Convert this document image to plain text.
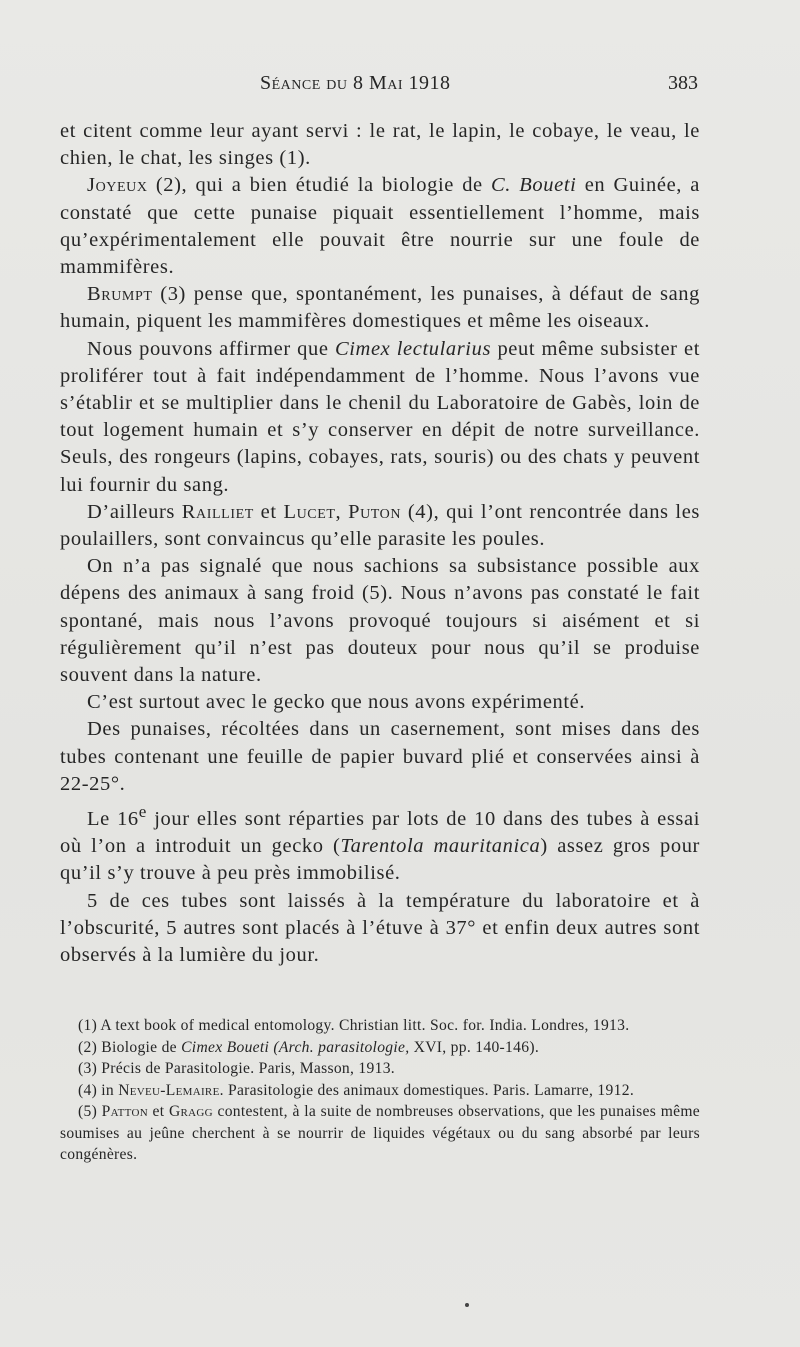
Séance du 8 Mai 1918	383

et citent comme leur ayant servi : le rat, le lapin, le cobaye, le veau, le chien, le chat, les singes (1).

Joyeux (2), qui a bien étudié la biologie de C. Boueti en Guinée, a constaté que cette punaise piquait essentiellement l’homme, mais qu’expérimentalement elle pouvait être nourrie sur une foule de mammifères.

Brumpt (3) pense que, spontanément, les punaises, à défaut de sang humain, piquent les mammifères domestiques et même les oiseaux.

Nous pouvons affirmer que Cimex lectularius peut même subsister et proliférer tout à fait indépendamment de l’homme. Nous l’avons vue s’établir et se multiplier dans le chenil du Laboratoire de Gabès, loin de tout logement humain et s’y conserver en dépit de notre surveillance. Seuls, des rongeurs (lapins, cobayes, rats, souris) ou des chats y peuvent lui fournir du sang.

D’ailleurs Railliet et Lucet, Puton (4), qui l’ont rencontrée dans les poulaillers, sont convaincus qu’elle parasite les poules.

On n’a pas signalé que nous sachions sa subsistance possible aux dépens des animaux à sang froid (5). Nous n’avons pas constaté le fait spontané, mais nous l’avons provoqué toujours si aisément et si régulièrement qu’il n’est pas douteux pour nous qu’il se produise souvent dans la nature.

C’est surtout avec le gecko que nous avons expérimenté.

Des punaises, récoltées dans un casernement, sont mises dans des tubes contenant une feuille de papier buvard plié et conservées ainsi à 22-25°.

Le 16e jour elles sont réparties par lots de 10 dans des tubes à essai où l’on a introduit un gecko (Tarentola mauritanica) assez gros pour qu’il s’y trouve à peu près immobilisé.

5 de ces tubes sont laissés à la température du laboratoire et à l’obscurité, 5 autres sont placés à l’étuve à 37° et enfin deux autres sont observés à la lumière du jour.

(1) A text book of medical entomology. Christian litt. Soc. for. India. Londres, 1913.

(2) Biologie de Cimex Boueti (Arch. parasitologie, XVI, pp. 140-146).

(3) Précis de Parasitologie. Paris, Masson, 1913.

(4) in Neveu-Lemaire. Parasitologie des animaux domestiques. Paris. Lamarre, 1912.

(5) Patton et Gragg contestent, à la suite de nombreuses observations, que les punaises même soumises au jeûne cherchent à se nourrir de liquides végétaux ou du sang absorbé par leurs congénères.
